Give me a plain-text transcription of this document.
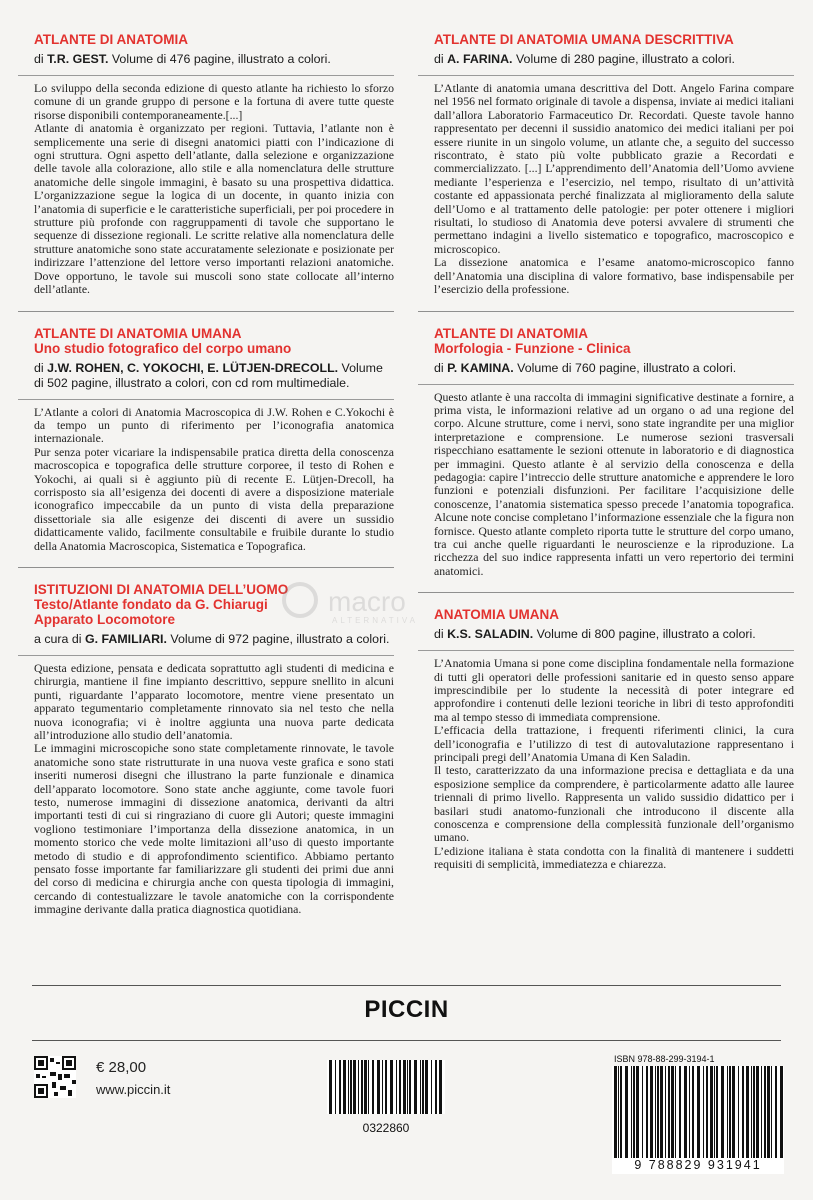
ATLANTE DI ANATOMIA
di T.R. GEST. Volume di 476 pagine, illustrato a colori.

Lo sviluppo della seconda edizione di questo atlante ha richiesto lo sforzo comune di un grande gruppo di persone e la fortuna di avere tutte queste risorse disponibili contemporaneamente.[...]

Atlante di anatomia è organizzato per regioni. Tuttavia, l’atlante non è semplicemente una serie di disegni anatomici piatti con l’indicazione di ogni struttura. Ogni aspetto dell’atlante, dalla selezione e organizzazione delle tavole alla colorazione, allo stile e alla nomenclatura delle strutture anatomiche delle singole immagini, è basato su una prospettiva didattica. L’organizzazione segue la logica di un docente, in quanto inizia con l’anatomia di superficie e le caratteristiche superficiali, per poi procedere in strutture più profonde con raggruppamenti di tavole che supportano le sequenze di dissezione regionali. Le scritte relative alla nomenclatura delle strutture anatomiche sono state accuratamente selezionate e posizionate per indirizzare l’attenzione del lettore verso importanti relazioni anatomiche. Dove opportuno, le tavole sui muscoli sono state collocate all’interno dell’atlante.

ATLANTE DI ANATOMIA UMANA
Uno studio fotografico del corpo umano
di J.W. ROHEN, C. YOKOCHI, E. LÜTJEN-DRECOLL. Volume di 502 pagine, illustrato a colori, con cd rom multimediale.

L’Atlante a colori di Anatomia Macroscopica di J.W. Rohen e C.Yokochi è da tempo un punto di riferimento per l’iconografia anatomica internazionale.

Pur senza poter vicariare la indispensabile pratica diretta della conoscenza macroscopica e topografica delle strutture corporee, il testo di Rohen e Yokochi, ai quali si è aggiunto più di recente E. Lütjen-Drecoll, ha corrisposto sia all’esigenza dei docenti di avere a disposizione materiale iconografico impeccabile da un punto di vista della preparazione dissettoriale sia alle esigenze dei discenti di avere un sussidio didatticamente valido, facilmente consultabile e fruibile durante lo studio della Anatomia Macroscopica, Sistematica e Topografica.

ISTITUZIONI DI ANATOMIA DELL’UOMO
Testo/Atlante fondato da G. Chiarugi
Apparato Locomotore
a cura di G. FAMILIARI. Volume di 972 pagine, illustrato a colori.

Questa edizione, pensata e dedicata soprattutto agli studenti di medicina e chirurgia, mantiene il fine impianto descrittivo, seppure snellito in alcuni punti, riguardante l’apparato locomotore, mentre viene presentato un apparato tegumentario completamente rinnovato sia nel testo che nella nuova iconografia; vi è inoltre aggiunta una nuova parte dedicata all’introduzione allo studio dell’anatomia.

Le immagini microscopiche sono state completamente rinnovate, le tavole anatomiche sono state ristrutturate in una nuova veste grafica e sono stati inseriti numerosi disegni che illustrano la parte funzionale e dinamica dell’apparato locomotore. Sono state anche aggiunte, come tavole fuori testo, numerose immagini di dissezione anatomica, derivanti da altri importanti testi di cui si ringraziano di cuore gli Autori; queste immagini vogliono testimoniare l’importanza della dissezione anatomica, in un momento storico che vede molte limitazioni all’uso di questo importante metodo di studio e di approfondimento scientifico. Abbiamo pertanto pensato fosse importante far familiarizzare gli studenti dei primi due anni del corso di medicina e chirurgia anche con questa tipologia di immagini, cercando di contestualizzare le tavole anatomiche con la corrispondente immagine derivante dalla pratica diagnostica quotidiana.

ATLANTE DI ANATOMIA UMANA DESCRITTIVA
di A. FARINA. Volume di 280 pagine, illustrato a colori.

L’Atlante di anatomia umana descrittiva del Dott. Angelo Farina compare nel 1956 nel formato originale di tavole a dispensa, inviate ai medici italiani dall’allora Laboratorio Farmaceutico Dr. Recordati. Queste tavole hanno rappresentato per decenni il sussidio anatomico dei medici italiani per poi essere riunite in un singolo volume, un atlante che, a seguito del successo riscontrato, è stato più volte pubblicato grazie a Recordati e commercializzato. [...] L’apprendimento dell’Anatomia dell’Uomo avviene mediante l’esperienza e l’esercizio, nel tempo, risultato di un’attività costante ed appassionata perché finalizzata al miglioramento della salute dell’Uomo e al trattamento delle patologie: per poter ottenere i migliori risultati, lo studioso di Anatomia deve potersi avvalere di strumenti che permettano indagini a livello sistematico e topografico, macroscopico e microscopico.

La dissezione anatomica e l’esame anatomo-microscopico fanno dell’Anatomia una disciplina di valore formativo, base indispensabile per l’esercizio della professione.

ATLANTE DI ANATOMIA
Morfologia - Funzione - Clinica
di P. KAMINA. Volume di 760 pagine, illustrato a colori.

Questo atlante è una raccolta di immagini significative destinate a fornire, a prima vista, le informazioni relative ad un organo o ad una regione del corpo. Alcune strutture, come i nervi, sono state ingrandite per una miglior interpretazione e comprensione. Le numerose sezioni trasversali rispecchiano esattamente le sezioni ottenute in laboratorio e di diagnostica per immagini. Questo atlante è al servizio della conoscenza e della pedagogia: capire l’intreccio delle strutture anatomiche e apprendere le loro funzioni e potenziali disfunzioni. Per facilitare l’acquisizione delle conoscenze, l’anatomia sistematica spesso precede l’anatomia topografica. Alcune note concise completano l’informazione essenziale che la figura non fornisce. Questo atlante completo riporta tutte le strutture del corpo umano, tra cui anche quelle riguardanti le neuroscienze e la riproduzione. La ricchezza del suo indice rappresenta infatti un vero repertorio dei termini anatomici.

ANATOMIA UMANA
di K.S. SALADIN. Volume di 800 pagine, illustrato a colori.

L’Anatomia Umana si pone come disciplina fondamentale nella formazione di tutti gli operatori delle professioni sanitarie ed in questo senso appare imprescindibile per lo studente la necessità di poter integrare ed approfondire i contenuti delle lezioni teoriche in libri di testo approfonditi ma al tempo stesso di immediata comprensione.

L’efficacia della trattazione, i frequenti riferimenti clinici, la cura dell’iconografia e l’utilizzo di test di autovalutazione rappresentano i principali pregi dell’Anatomia Umana di Ken Saladin.

Il testo, caratterizzato da una informazione precisa e dettagliata e da una esposizione semplice da comprendere, è particolarmente adatto alle lauree triennali di primo livello. Rappresenta un valido sussidio didattico per i basilari studi anatomo-funzionali che introducono il discente alla conoscenza e comprensione della complessità funzionale dell’organismo umano.

L’edizione italiana è stata condotta con la finalità di mantenere i suddetti requisiti di semplicità, immediatezza e chiarezza.

macro
ALTERNATIVA
PICCIN
€ 28,00
www.piccin.it
0322860
ISBN 978-88-299-3194-1
9 788829 931941
